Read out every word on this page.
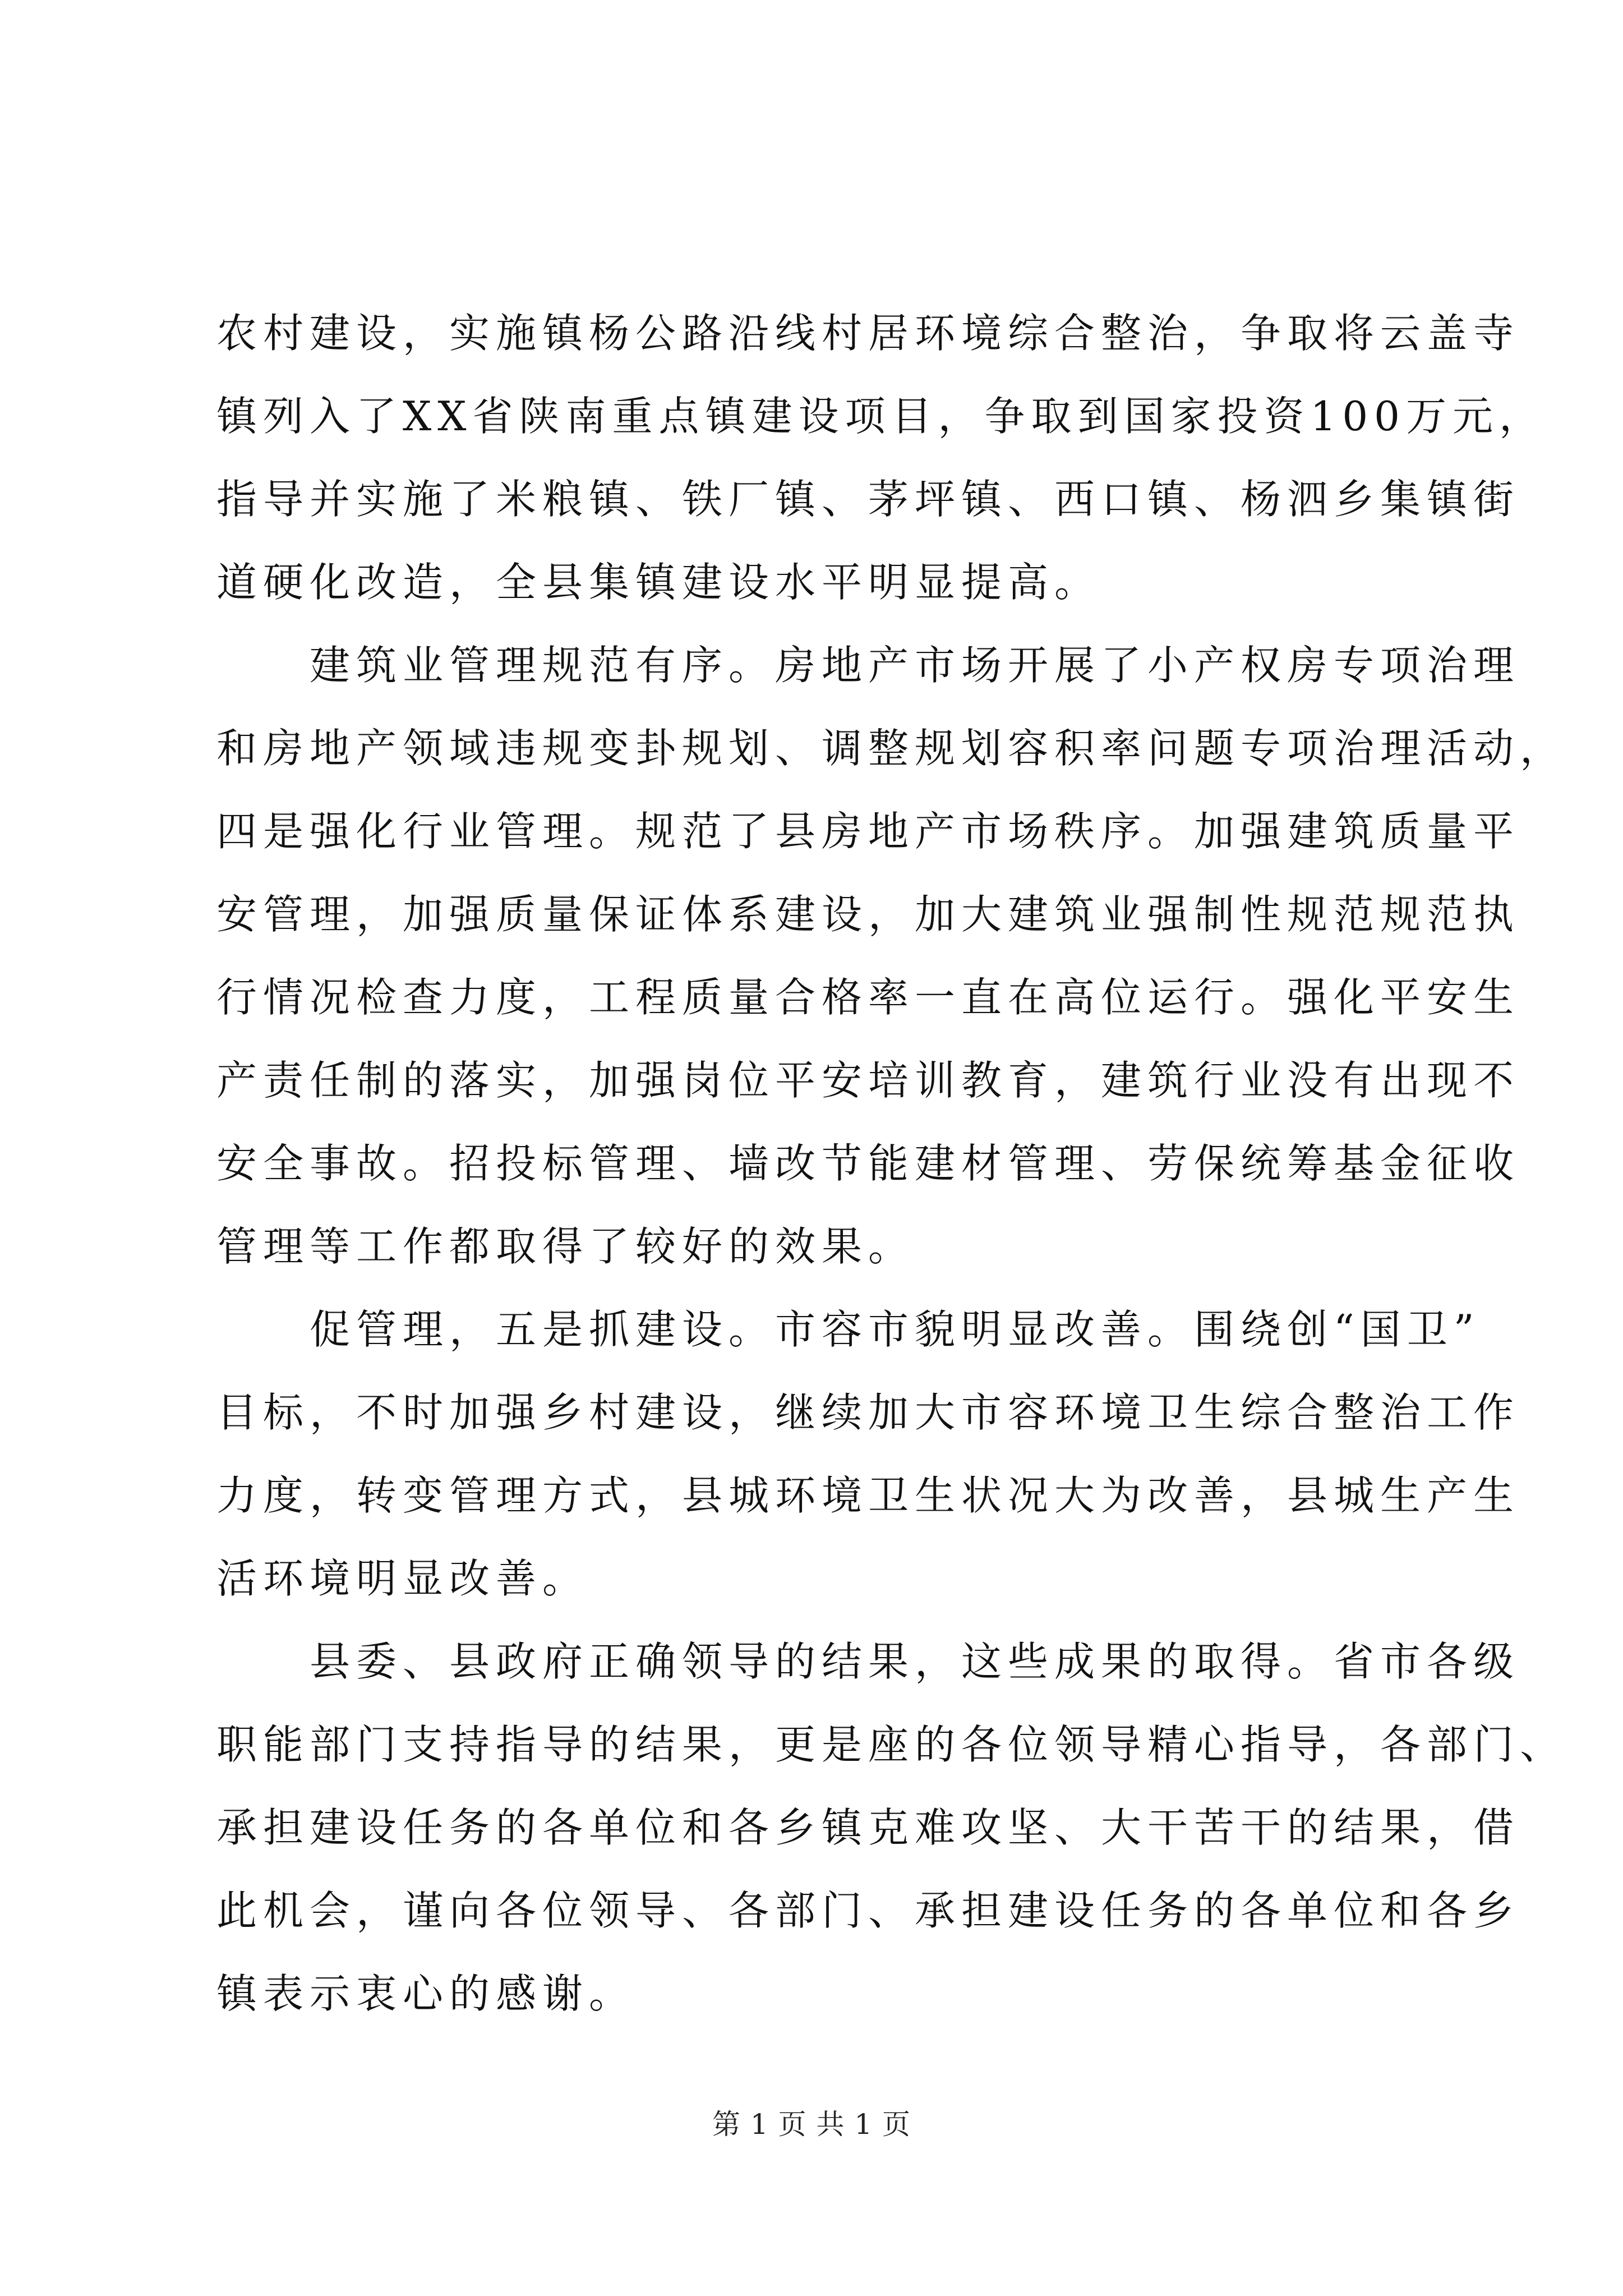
农村建设，实施镇杨公路沿线村居环境综合整治，争取将云盖寺
镇列入了XX省陕南重点镇建设项目，争取到国家投资100万元，
指导并实施了米粮镇、铁厂镇、茅坪镇、西口镇、杨泗乡集镇街
道硬化改造，全县集镇建设水平明显提高。

建筑业管理规范有序。房地产市场开展了小产权房专项治理
和房地产领域违规变卦规划、调整规划容积率问题专项治理活动，
四是强化行业管理。规范了县房地产市场秩序。加强建筑质量平
安管理，加强质量保证体系建设，加大建筑业强制性规范规范执
行情况检查力度，工程质量合格率一直在高位运行。强化平安生
产责任制的落实，加强岗位平安培训教育，建筑行业没有出现不
安全事故。招投标管理、墙改节能建材管理、劳保统筹基金征收
管理等工作都取得了较好的效果。

促管理，五是抓建设。市容市貌明显改善。围绕创“国卫”
目标，不时加强乡村建设，继续加大市容环境卫生综合整治工作
力度，转变管理方式，县城环境卫生状况大为改善，县城生产生
活环境明显改善。

县委、县政府正确领导的结果，这些成果的取得。省市各级
职能部门支持指导的结果，更是座的各位领导精心指导，各部门、
承担建设任务的各单位和各乡镇克难攻坚、大干苦干的结果，借
此机会，谨向各位领导、各部门、承担建设任务的各单位和各乡
镇表示衷心的感谢。

第 1 页 共 1 页
